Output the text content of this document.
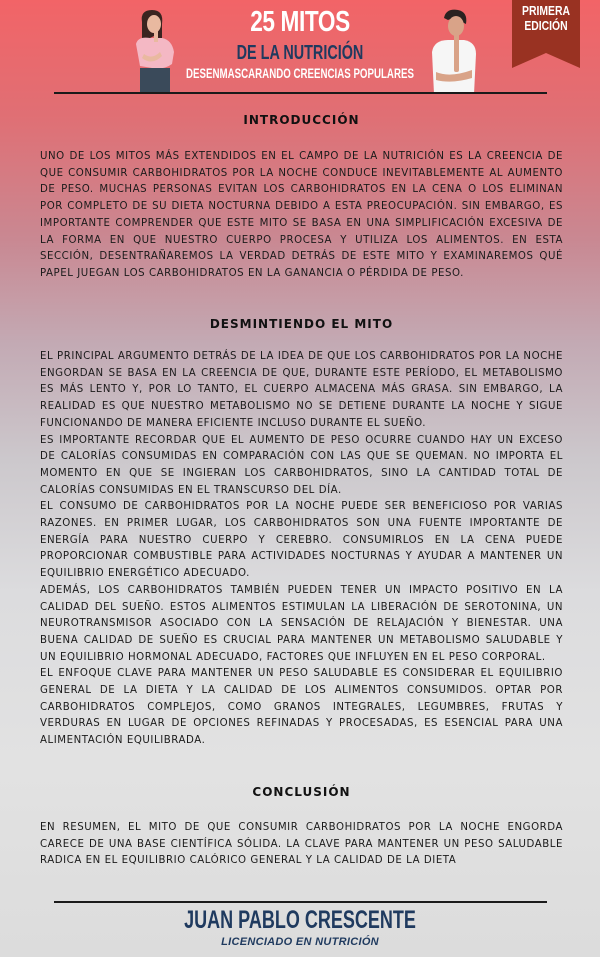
25 MITOS
DE LA NUTRICIÓN
DESENMASCARANDO CREENCIAS POPULARES
PRIMERA EDICIÓN
INTRODUCCIÓN

UNO DE LOS MITOS MÁS EXTENDIDOS EN EL CAMPO DE LA NUTRICIÓN ES LA CREENCIA DE QUE CONSUMIR CARBOHIDRATOS POR LA NOCHE CONDUCE INEVITABLEMENTE AL AUMENTO DE PESO. MUCHAS PERSONAS EVITAN LOS CARBOHIDRATOS EN LA CENA O LOS ELIMINAN POR COMPLETO DE SU DIETA NOCTURNA DEBIDO A ESTA PREOCUPACIÓN. SIN EMBARGO, ES IMPORTANTE COMPRENDER QUE ESTE MITO SE BASA EN UNA SIMPLIFICACIÓN EXCESIVA DE LA FORMA EN QUE NUESTRO CUERPO PROCESA Y UTILIZA LOS ALIMENTOS. EN ESTA SECCIÓN, DESENTRAÑAREMOS LA VERDAD DETRÁS DE ESTE MITO Y EXAMINAREMOS QUÉ PAPEL JUEGAN LOS CARBOHIDRATOS EN LA GANANCIA O PÉRDIDA DE PESO.

DESMINTIENDO EL MITO

EL PRINCIPAL ARGUMENTO DETRÁS DE LA IDEA DE QUE LOS CARBOHIDRATOS POR LA NOCHE ENGORDAN SE BASA EN LA CREENCIA DE QUE, DURANTE ESTE PERÍODO, EL METABOLISMO ES MÁS LENTO Y, POR LO TANTO, EL CUERPO ALMACENA MÁS GRASA. SIN EMBARGO, LA REALIDAD ES QUE NUESTRO METABOLISMO NO SE DETIENE DURANTE LA NOCHE Y SIGUE FUNCIONANDO DE MANERA EFICIENTE INCLUSO DURANTE EL SUEÑO.

ES IMPORTANTE RECORDAR QUE EL AUMENTO DE PESO OCURRE CUANDO HAY UN EXCESO DE CALORÍAS CONSUMIDAS EN COMPARACIÓN CON LAS QUE SE QUEMAN. NO IMPORTA EL MOMENTO EN QUE SE INGIERAN LOS CARBOHIDRATOS, SINO LA CANTIDAD TOTAL DE CALORÍAS CONSUMIDAS EN EL TRANSCURSO DEL DÍA.

EL CONSUMO DE CARBOHIDRATOS POR LA NOCHE PUEDE SER BENEFICIOSO POR VARIAS RAZONES. EN PRIMER LUGAR, LOS CARBOHIDRATOS SON UNA FUENTE IMPORTANTE DE ENERGÍA PARA NUESTRO CUERPO Y CEREBRO. CONSUMIRLOS EN LA CENA PUEDE PROPORCIONAR COMBUSTIBLE PARA ACTIVIDADES NOCTURNAS Y AYUDAR A MANTENER UN EQUILIBRIO ENERGÉTICO ADECUADO.

ADEMÁS, LOS CARBOHIDRATOS TAMBIÉN PUEDEN TENER UN IMPACTO POSITIVO EN LA CALIDAD DEL SUEÑO. ESTOS ALIMENTOS ESTIMULAN LA LIBERACIÓN DE SEROTONINA, UN NEUROTRANSMISOR ASOCIADO CON LA SENSACIÓN DE RELAJACIÓN Y BIENESTAR. UNA BUENA CALIDAD DE SUEÑO ES CRUCIAL PARA MANTENER UN METABOLISMO SALUDABLE Y UN EQUILIBRIO HORMONAL ADECUADO, FACTORES QUE INFLUYEN EN EL PESO CORPORAL.

EL ENFOQUE CLAVE PARA MANTENER UN PESO SALUDABLE ES CONSIDERAR EL EQUILIBRIO GENERAL DE LA DIETA Y LA CALIDAD DE LOS ALIMENTOS CONSUMIDOS. OPTAR POR CARBOHIDRATOS COMPLEJOS, COMO GRANOS INTEGRALES, LEGUMBRES, FRUTAS Y VERDURAS EN LUGAR DE OPCIONES REFINADAS Y PROCESADAS, ES ESENCIAL PARA UNA ALIMENTACIÓN EQUILIBRADA.

CONCLUSIÓN

EN RESUMEN, EL MITO DE QUE CONSUMIR CARBOHIDRATOS POR LA NOCHE ENGORDA CARECE DE UNA BASE CIENTÍFICA SÓLIDA. LA CLAVE PARA MANTENER UN PESO SALUDABLE RADICA EN EL EQUILIBRIO CALÓRICO GENERAL Y LA CALIDAD DE LA DIETA

JUAN PABLO CRESCENTE
LICENCIADO EN NUTRICIÓN
